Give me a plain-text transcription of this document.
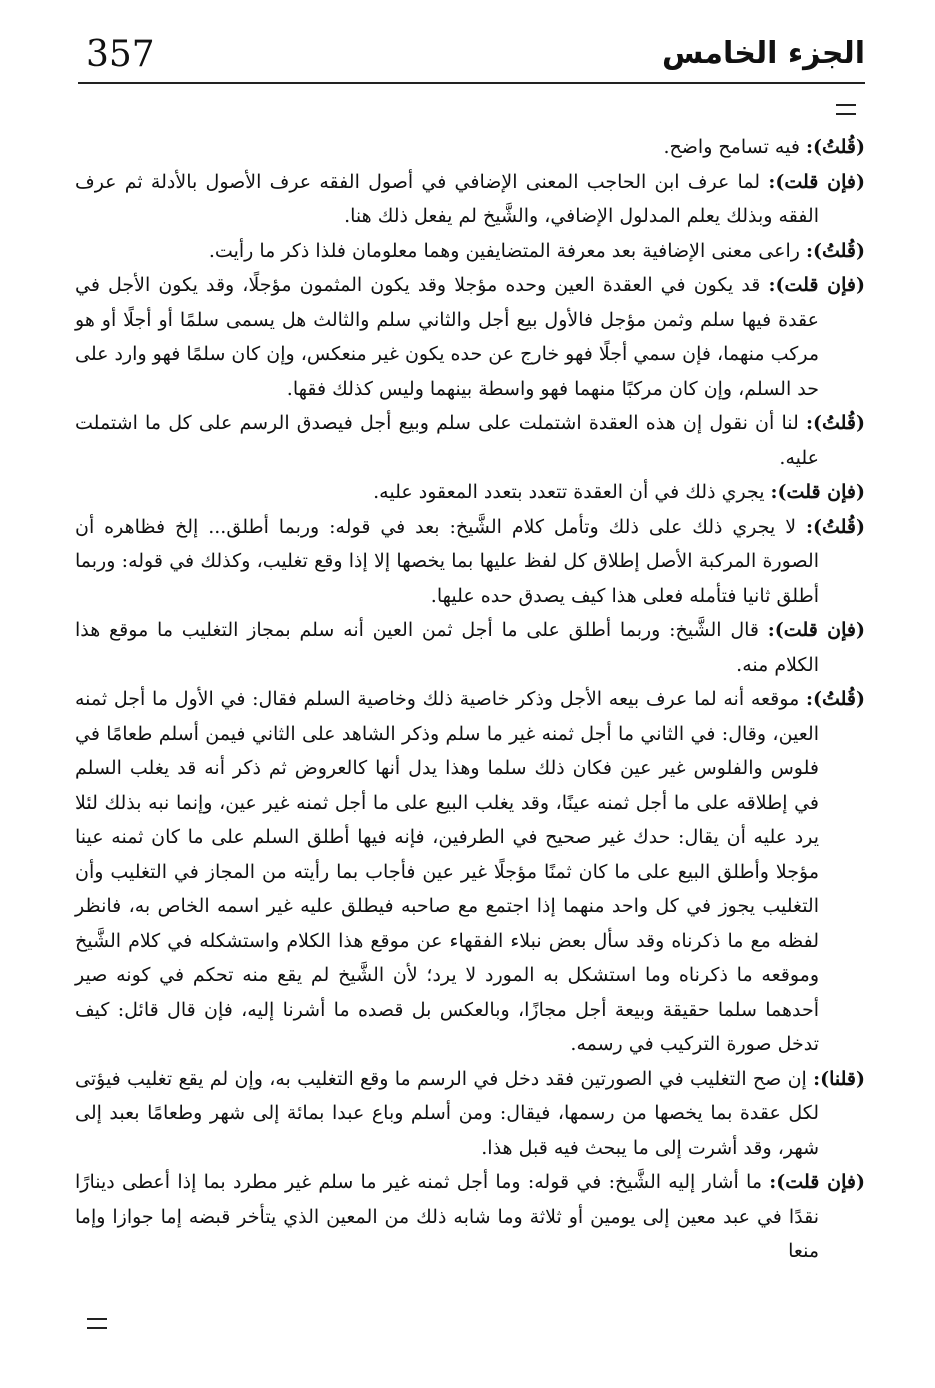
357	الجزء الخامس

(قُلتُ): فيه تسامح واضح.

(فإن قلت): لما عرف ابن الحاجب المعنى الإضافي في أصول الفقه عرف الأصول بالأدلة ثم عرف الفقه وبذلك يعلم المدلول الإضافي، والشَّيخ لم يفعل ذلك هنا.

(قُلتُ): راعى معنى الإضافية بعد معرفة المتضايفين وهما معلومان فلذا ذكر ما رأيت.

(فإن قلت): قد يكون في العقدة العين وحده مؤجلا وقد يكون المثمون مؤجلًا، وقد يكون الأجل في عقدة فيها سلم وثمن مؤجل فالأول بيع أجل والثاني سلم والثالث هل يسمى سلمًا أو أجلًا أو هو مركب منهما، فإن سمي أجلًا فهو خارج عن حده يكون غير منعكس، وإن كان سلمًا فهو وارد على حد السلم، وإن كان مركبًا منهما فهو واسطة بينهما وليس كذلك فقها.

(قُلتُ): لنا أن نقول إن هذه العقدة اشتملت على سلم وبيع أجل فيصدق الرسم على كل ما اشتملت عليه.

(فإن قلت): يجري ذلك في أن العقدة تتعدد بتعدد المعقود عليه.

(قُلتُ): لا يجري ذلك على ذلك وتأمل كلام الشَّيخ: بعد في قوله: وربما أطلق... إلخ فظاهره أن الصورة المركبة الأصل إطلاق كل لفظ عليها بما يخصها إلا إذا وقع تغليب، وكذلك في قوله: وربما أطلق ثانيا فتأمله فعلى هذا كيف يصدق حده عليها.

(فإن قلت): قال الشَّيخ: وربما أطلق على ما أجل ثمن العين أنه سلم بمجاز التغليب ما موقع هذا الكلام منه.

(قُلتُ): موقعه أنه لما عرف بيعه الأجل وذكر خاصية ذلك وخاصية السلم فقال: في الأول ما أجل ثمنه العين، وقال: في الثاني ما أجل ثمنه غير ما سلم وذكر الشاهد على الثاني فيمن أسلم طعامًا في فلوس والفلوس غير عين فكان ذلك سلما وهذا يدل أنها كالعروض ثم ذكر أنه قد يغلب السلم في إطلاقه على ما أجل ثمنه عينًا، وقد يغلب البيع على ما أجل ثمنه غير عين، وإنما نبه بذلك لئلا يرد عليه أن يقال: حدك غير صحيح في الطرفين، فإنه فيها أطلق السلم على ما كان ثمنه عينا مؤجلا وأطلق البيع على ما كان ثمنًا مؤجلًا غير عين فأجاب بما رأيته من المجاز في التغليب وأن التغليب يجوز في كل واحد منهما إذا اجتمع مع صاحبه فيطلق عليه غير اسمه الخاص به، فانظر لفظه مع ما ذكرناه وقد سأل بعض نبلاء الفقهاء عن موقع هذا الكلام واستشكله في كلام الشَّيخ وموقعه ما ذكرناه وما استشكل به المورد لا يرد؛ لأن الشَّيخ لم يقع منه تحكم في كونه صير أحدهما سلما حقيقة وبيعة أجل مجازًا، وبالعكس بل قصده ما أشرنا إليه، فإن قال قائل: كيف تدخل صورة التركيب في رسمه.

(قلنا): إن صح التغليب في الصورتين فقد دخل في الرسم ما وقع التغليب به، وإن لم يقع تغليب فيؤتى لكل عقدة بما يخصها من رسمها، فيقال: ومن أسلم وباع عبدا بمائة إلى شهر وطعامًا بعبد إلى شهر، وقد أشرت إلى ما يبحث فيه قبل هذا.

(فإن قلت): ما أشار إليه الشَّيخ: في قوله: وما أجل ثمنه غير ما سلم غير مطرد بما إذا أعطى دينارًا نقدًا في عبد معين إلى يومين أو ثلاثة وما شابه ذلك من المعين الذي يتأخر قبضه إما جوازا وإما منعا
